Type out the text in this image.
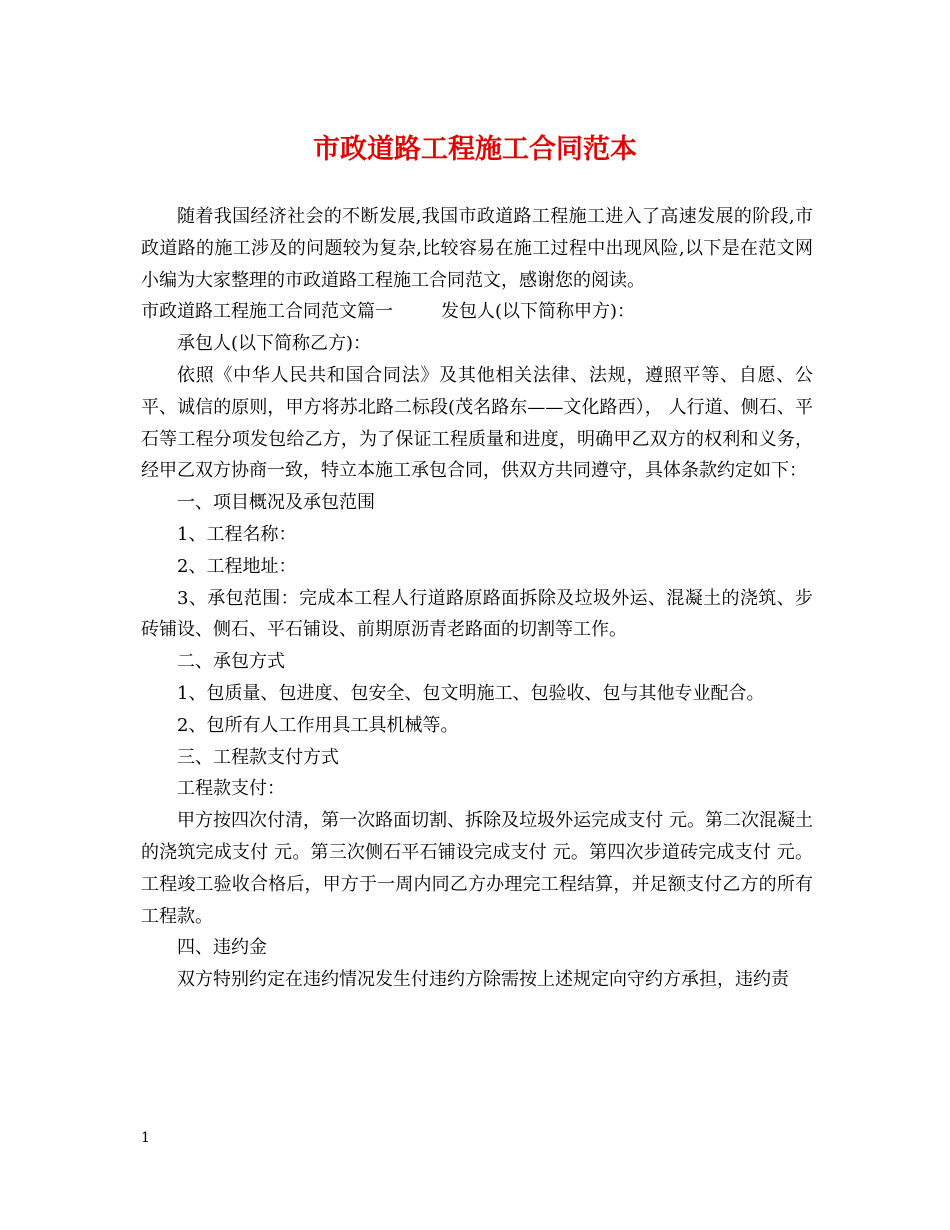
市政道路工程施工合同范本

随着我国经济社会的不断发展,我国市政道路工程施工进入了高速发展的阶段,市政道路的施工涉及的问题较为复杂,比较容易在施工过程中出现风险,以下是在范文网小编为大家整理的市政道路工程施工合同范文，感谢您的阅读。

市政道路工程施工合同范文篇一	发包人(以下简称甲方)：

承包人(以下简称乙方)：

依照《中华人民共和国合同法》及其他相关法律、法规，遵照平等、自愿、公平、诚信的原则，甲方将苏北路二标段(茂名路东——文化路西）， 人行道、侧石、平石等工程分项发包给乙方，为了保证工程质量和进度，明确甲乙双方的权利和义务，经甲乙双方协商一致，特立本施工承包合同，供双方共同遵守，具体条款约定如下：

一、项目概况及承包范围

1、工程名称：

2、工程地址：

3、承包范围：完成本工程人行道路原路面拆除及垃圾外运、混凝土的浇筑、步砖铺设、侧石、平石铺设、前期原沥青老路面的切割等工作。

二、承包方式

1、包质量、包进度、包安全、包文明施工、包验收、包与其他专业配合。

2、包所有人工作用具工具机械等。

三、工程款支付方式

工程款支付：

甲方按四次付清，第一次路面切割、拆除及垃圾外运完成支付 元。第二次混凝土的浇筑完成支付 元。第三次侧石平石铺设完成支付 元。第四次步道砖完成支付 元。工程竣工验收合格后，甲方于一周内同乙方办理完工程结算，并足额支付乙方的所有工程款。

四、违约金

双方特别约定在违约情况发生付违约方除需按上述规定向守约方承担，违约责

1
